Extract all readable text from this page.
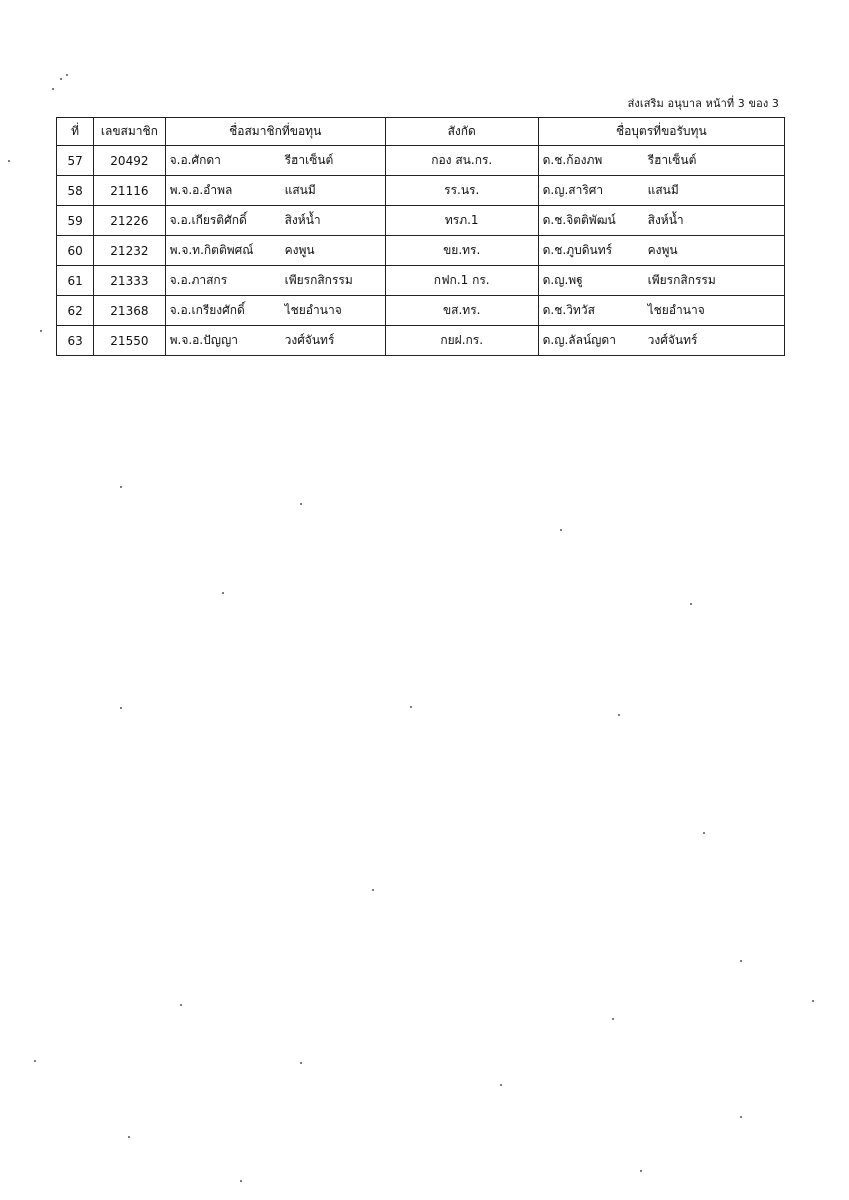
ส่งเสริม อนุบาล หน้าที่ 3 ของ 3
ที่	เลขสมาชิก	ชื่อสมาชิกที่ขอทุน	สังกัด	ชื่อบุตรที่ขอรับทุน
57	20492	จ.อ.ศักดา รีฮาเซ็นต์	กอง สน.กร.	ด.ช.ก้องภพ รีฮาเซ็นต์

58	21116	พ.จ.อ.อำพล แสนมี	รร.นร.	ด.ญ.สาริศา แสนมี

59	21226	จ.อ.เกียรติศักดิ์ สิงห์น้ำ	ทรภ.1	ด.ช.จิตติพัฒน์ สิงห์น้ำ

60	21232	พ.จ.ท.กิตติพศณ์ คงพูน	ขย.ทร.	ด.ช.ภูบดินทร์ คงพูน

61	21333	จ.อ.ภาสกร เพียรกสิกรรม	กฟก.1 กร.	ด.ญ.พฐู เพียรกสิกรรม

62	21368	จ.อ.เกรียงศักดิ์ ไชยอำนาจ	ขส.ทร.	ด.ช.วิทวัส ไชยอำนาจ

63	21550	พ.จ.อ.ปัญญา วงศ์จันทร์	กยฝ.กร.	ด.ญ.ลัลน์ญดา วงศ์จันทร์
